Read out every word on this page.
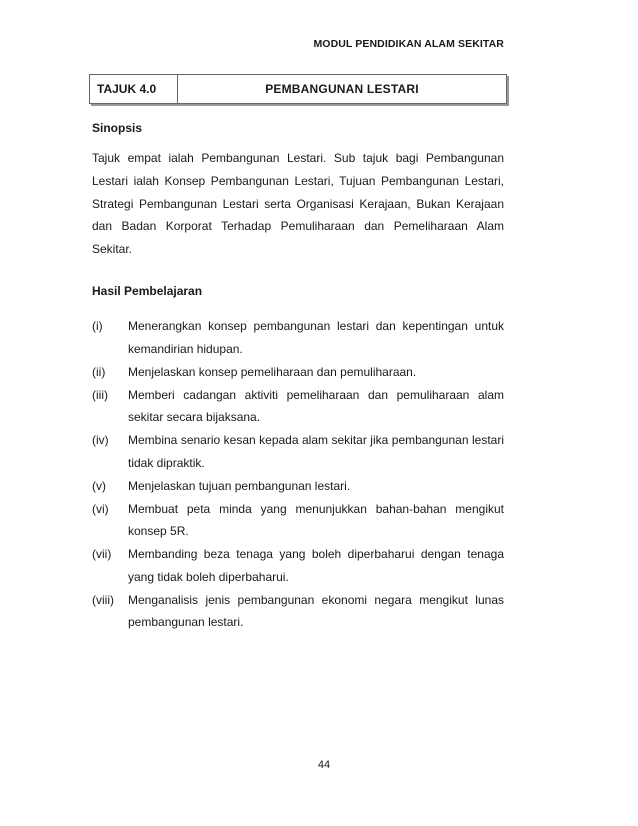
MODUL PENDIDIKAN ALAM SEKITAR
TAJUK 4.0	PEMBANGUNAN LESTARI
Sinopsis
Tajuk empat ialah Pembangunan Lestari. Sub tajuk bagi Pembangunan Lestari ialah Konsep Pembangunan Lestari, Tujuan Pembangunan Lestari, Strategi Pembangunan Lestari serta Organisasi Kerajaan, Bukan Kerajaan dan Badan Korporat Terhadap Pemuliharaan dan Pemeliharaan Alam Sekitar.
Hasil Pembelajaran
(i)	Menerangkan konsep pembangunan lestari dan kepentingan untuk kemandirian hidupan.
(ii)	Menjelaskan konsep pemeliharaan dan pemuliharaan.
(iii)	Memberi cadangan aktiviti pemeliharaan dan pemuliharaan alam sekitar secara bijaksana.
(iv)	Membina senario kesan kepada alam sekitar jika pembangunan lestari tidak dipraktik.
(v)	Menjelaskan tujuan pembangunan lestari.
(vi)	Membuat peta minda yang menunjukkan bahan-bahan mengikut konsep 5R.
(vii)	Membanding beza tenaga yang boleh diperbaharui dengan tenaga yang tidak boleh diperbaharui.
(viii)	Menganalisis jenis pembangunan ekonomi negara mengikut lunas pembangunan lestari.
44
